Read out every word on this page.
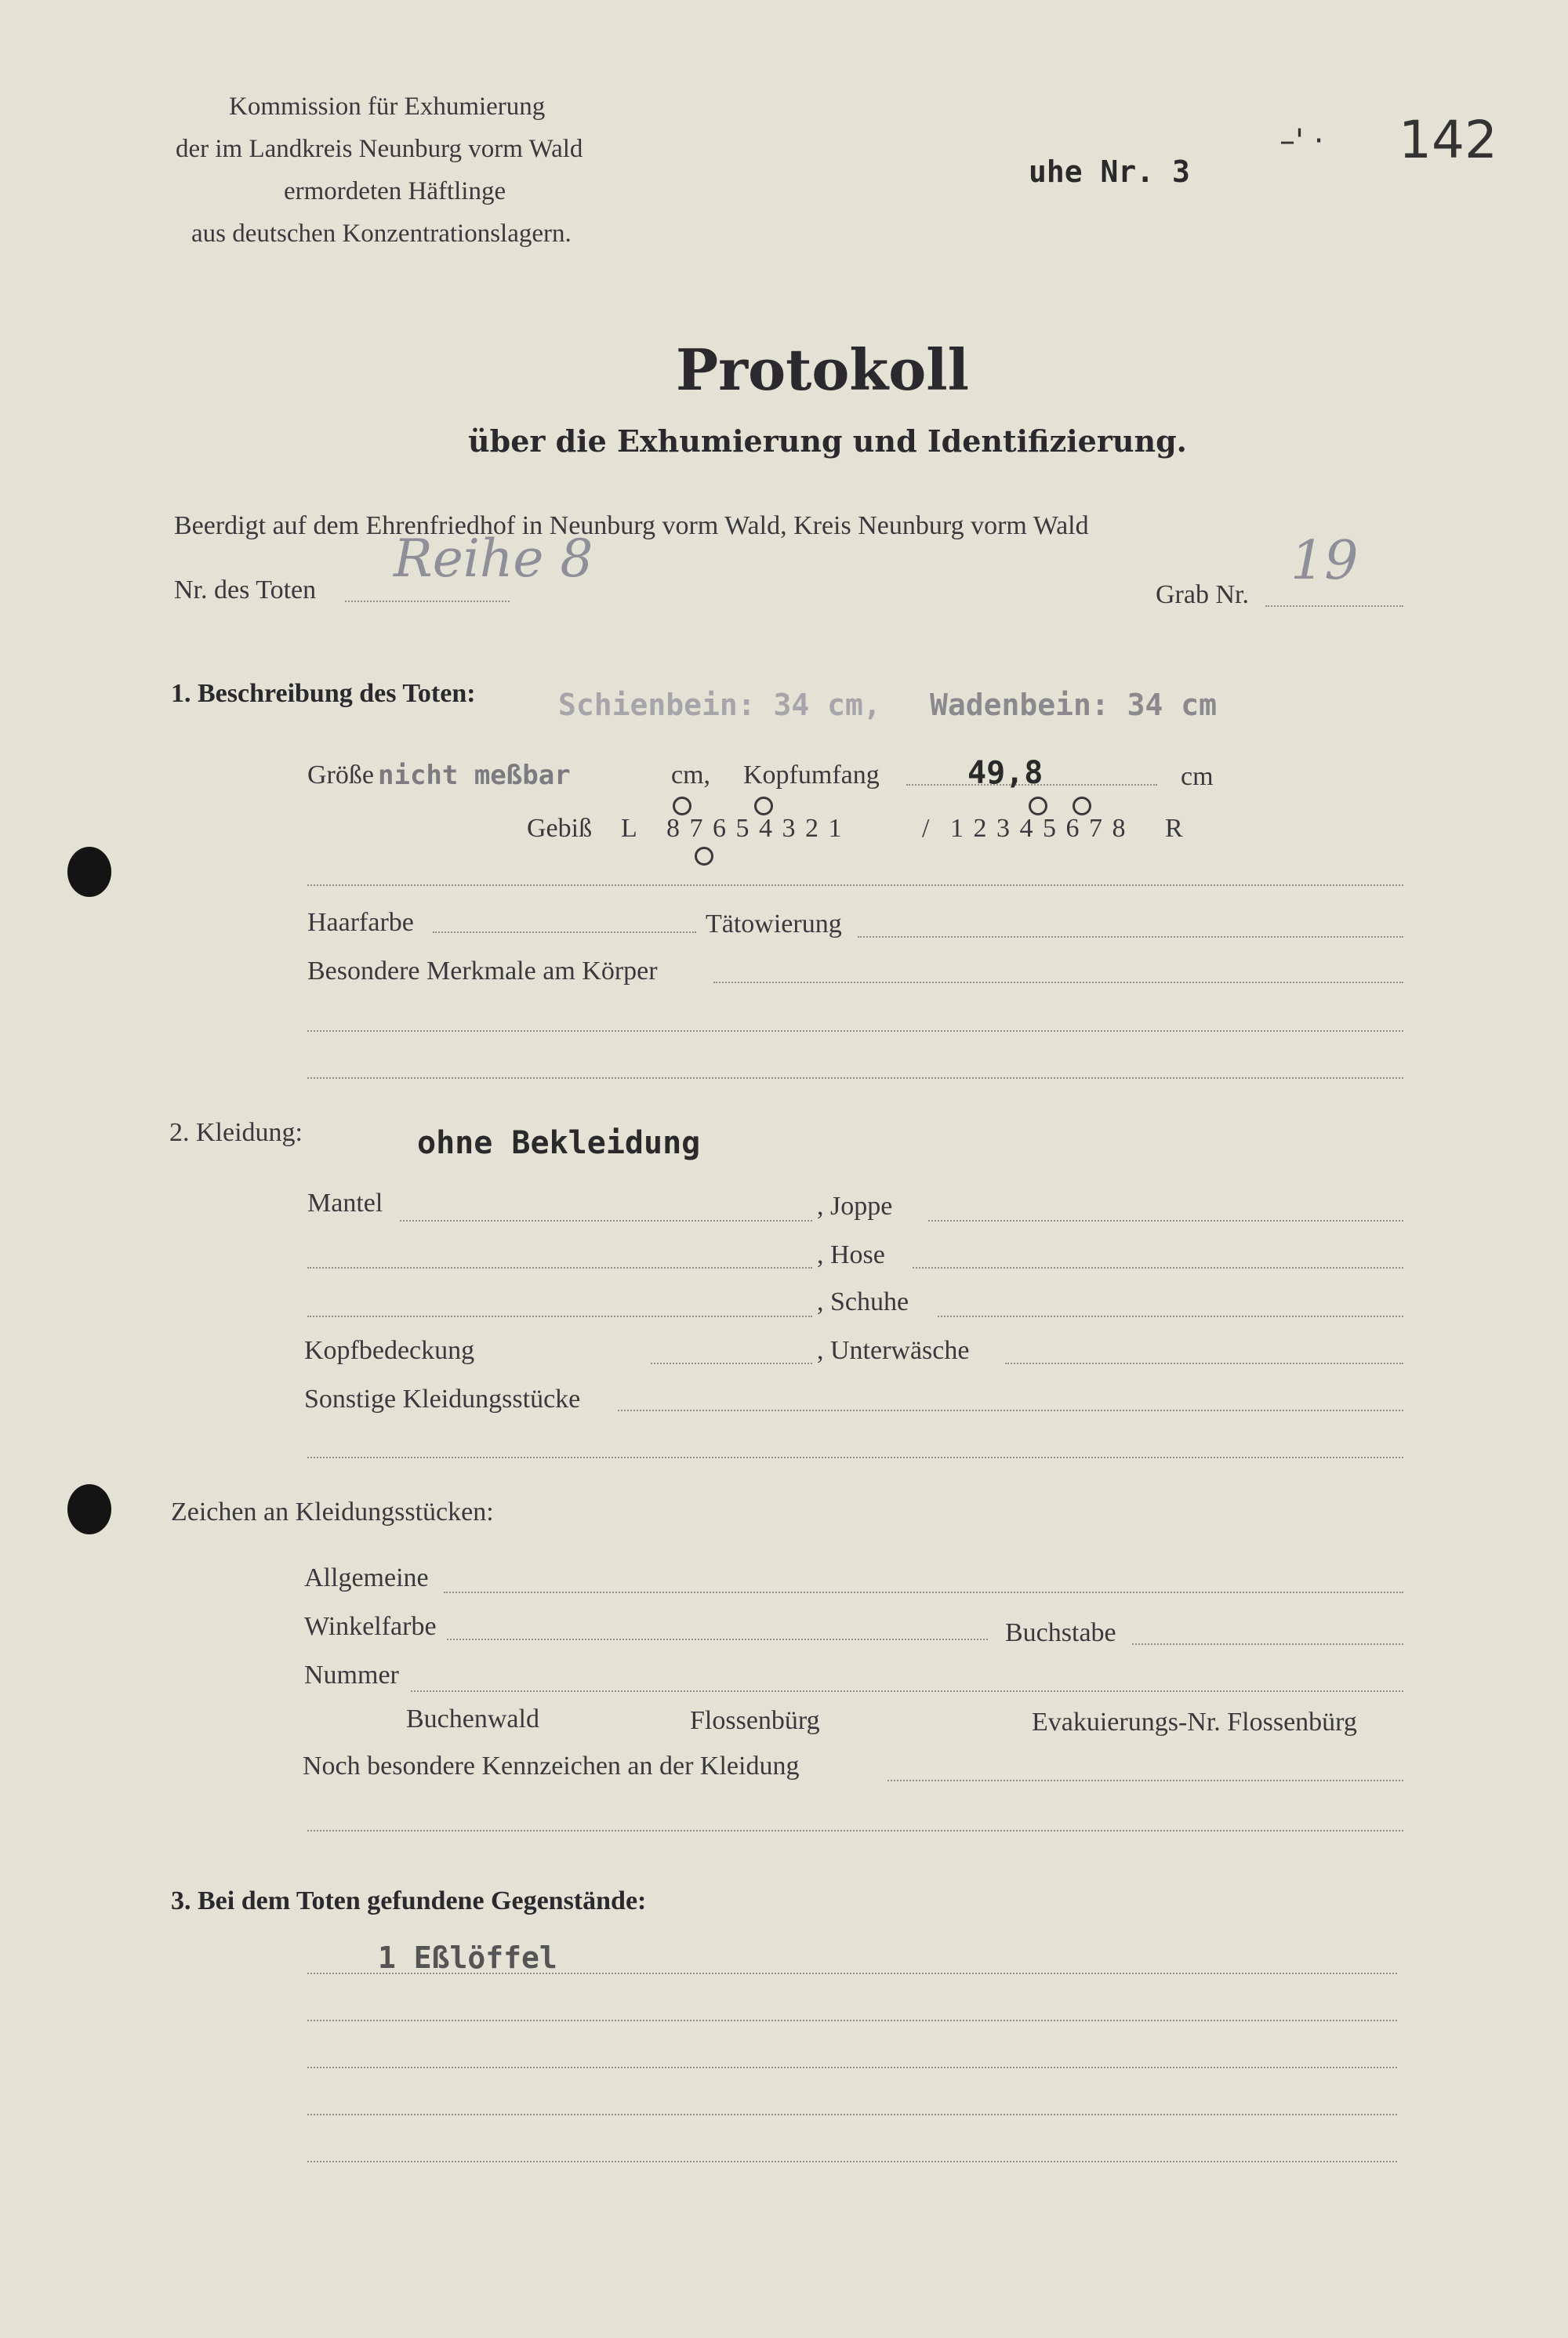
Kommission für Exhumierung
der im Landkreis Neunburg vorm Wald
ermordeten Häftlinge
aus deutschen Konzentrationslagern.
uhe Nr. 3
–' · 142
Protokoll
über die Exhumierung und Identifizierung.
Beerdigt auf dem Ehrenfriedhof in Neunburg vorm Wald, Kreis Neunburg vorm Wald
Nr. des Toten
Reihe 8
Grab Nr.
19
1. Beschreibung des Toten:	Schienbein: 34 cm, Wadenbein: 34 cm
Größe nicht meßbar	cm, Kopfumfang	49,8	cm
Gebiß L 8 7 6 5 4 3 2 1	/ 1 2 3 4 5 6 7 8 R
Haarfarbe	Tätowierung
Besondere Merkmale am Körper
2. Kleidung:	ohne Bekleidung
Mantel	, Joppe
, Hose
, Schuhe
Kopfbedeckung	, Unterwäsche
Sonstige Kleidungsstücke
Zeichen an Kleidungsstücken:
Allgemeine
Winkelfarbe	Buchstabe
Nummer
Buchenwald	Flossenbürg	Evakuierungs-Nr. Flossenbürg
Noch besondere Kennzeichen an der Kleidung
3. Bei dem Toten gefundene Gegenstände:
1 Eßlöffel
